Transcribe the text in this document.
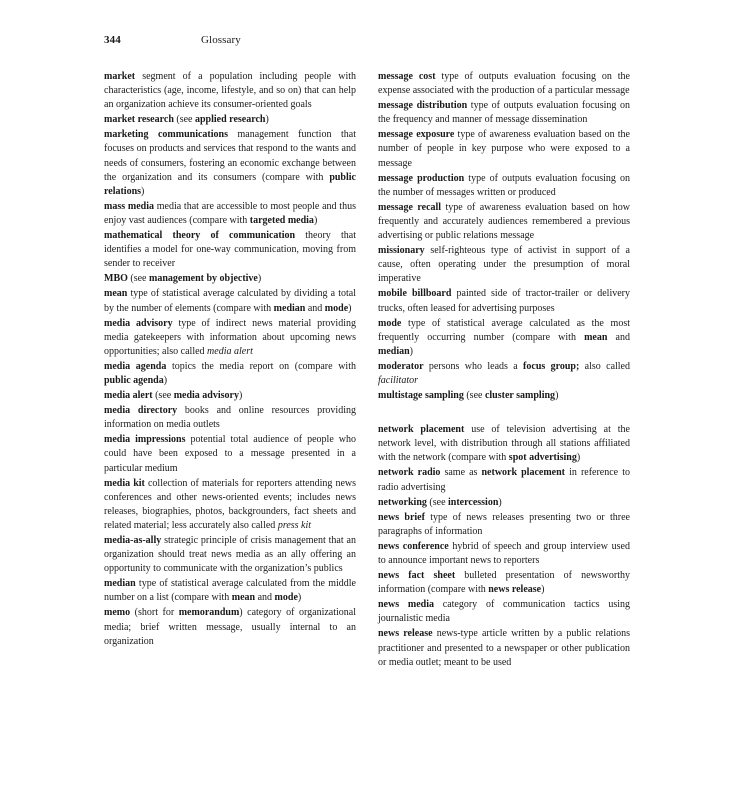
344	Glossary

market segment of a population including people with characteristics (age, income, lifestyle, and so on) that can help an organization achieve its consumer-oriented goals

market research (see applied research)

marketing communications management function that focuses on products and services that respond to the wants and needs of consumers, fostering an economic exchange between the organization and its consumers (compare with public relations)

mass media media that are accessible to most people and thus enjoy vast audiences (compare with targeted media)

mathematical theory of communication theory that identifies a model for one-way communication, moving from sender to receiver

MBO (see management by objective)

mean type of statistical average calculated by dividing a total by the number of elements (compare with median and mode)

media advisory type of indirect news material providing media gatekeepers with information about upcoming news opportunities; also called media alert

media agenda topics the media report on (compare with public agenda)

media alert (see media advisory)

media directory books and online resources providing information on media outlets

media impressions potential total audience of people who could have been exposed to a message presented in a particular medium

media kit collection of materials for reporters attending news conferences and other news-oriented events; includes news releases, biographies, photos, backgrounders, fact sheets and related material; less accurately also called press kit

media-as-ally strategic principle of crisis management that an organization should treat news media as an ally offering an opportunity to communicate with the organization’s publics

median type of statistical average calculated from the middle number on a list (compare with mean and mode)

memo (short for memorandum) category of organizational media; brief written message, usually internal to an organization

message cost type of outputs evaluation focusing on the expense associated with the production of a particular message

message distribution type of outputs evaluation focusing on the frequency and manner of message dissemination

message exposure type of awareness evaluation based on the number of people in key purpose who were exposed to a message

message production type of outputs evaluation focusing on the number of messages written or produced

message recall type of awareness evaluation based on how frequently and accurately audiences remembered a previous advertising or public relations message

missionary self-righteous type of activist in support of a cause, often operating under the presumption of moral imperative

mobile billboard painted side of tractor-trailer or delivery trucks, often leased for advertising purposes

mode type of statistical average calculated as the most frequently occurring number (compare with mean and median)

moderator persons who leads a focus group; also called facilitator

multistage sampling (see cluster sampling)

network placement use of television advertising at the network level, with distribution through all stations affiliated with the network (compare with spot advertising)

network radio same as network placement in reference to radio advertising

networking (see intercession)

news brief type of news releases presenting two or three paragraphs of information

news conference hybrid of speech and group interview used to announce important news to reporters

news fact sheet bulleted presentation of newsworthy information (compare with news release)

news media category of communication tactics using journalistic media

news release news-type article written by a public relations practitioner and presented to a newspaper or other publication or media outlet; meant to be used
